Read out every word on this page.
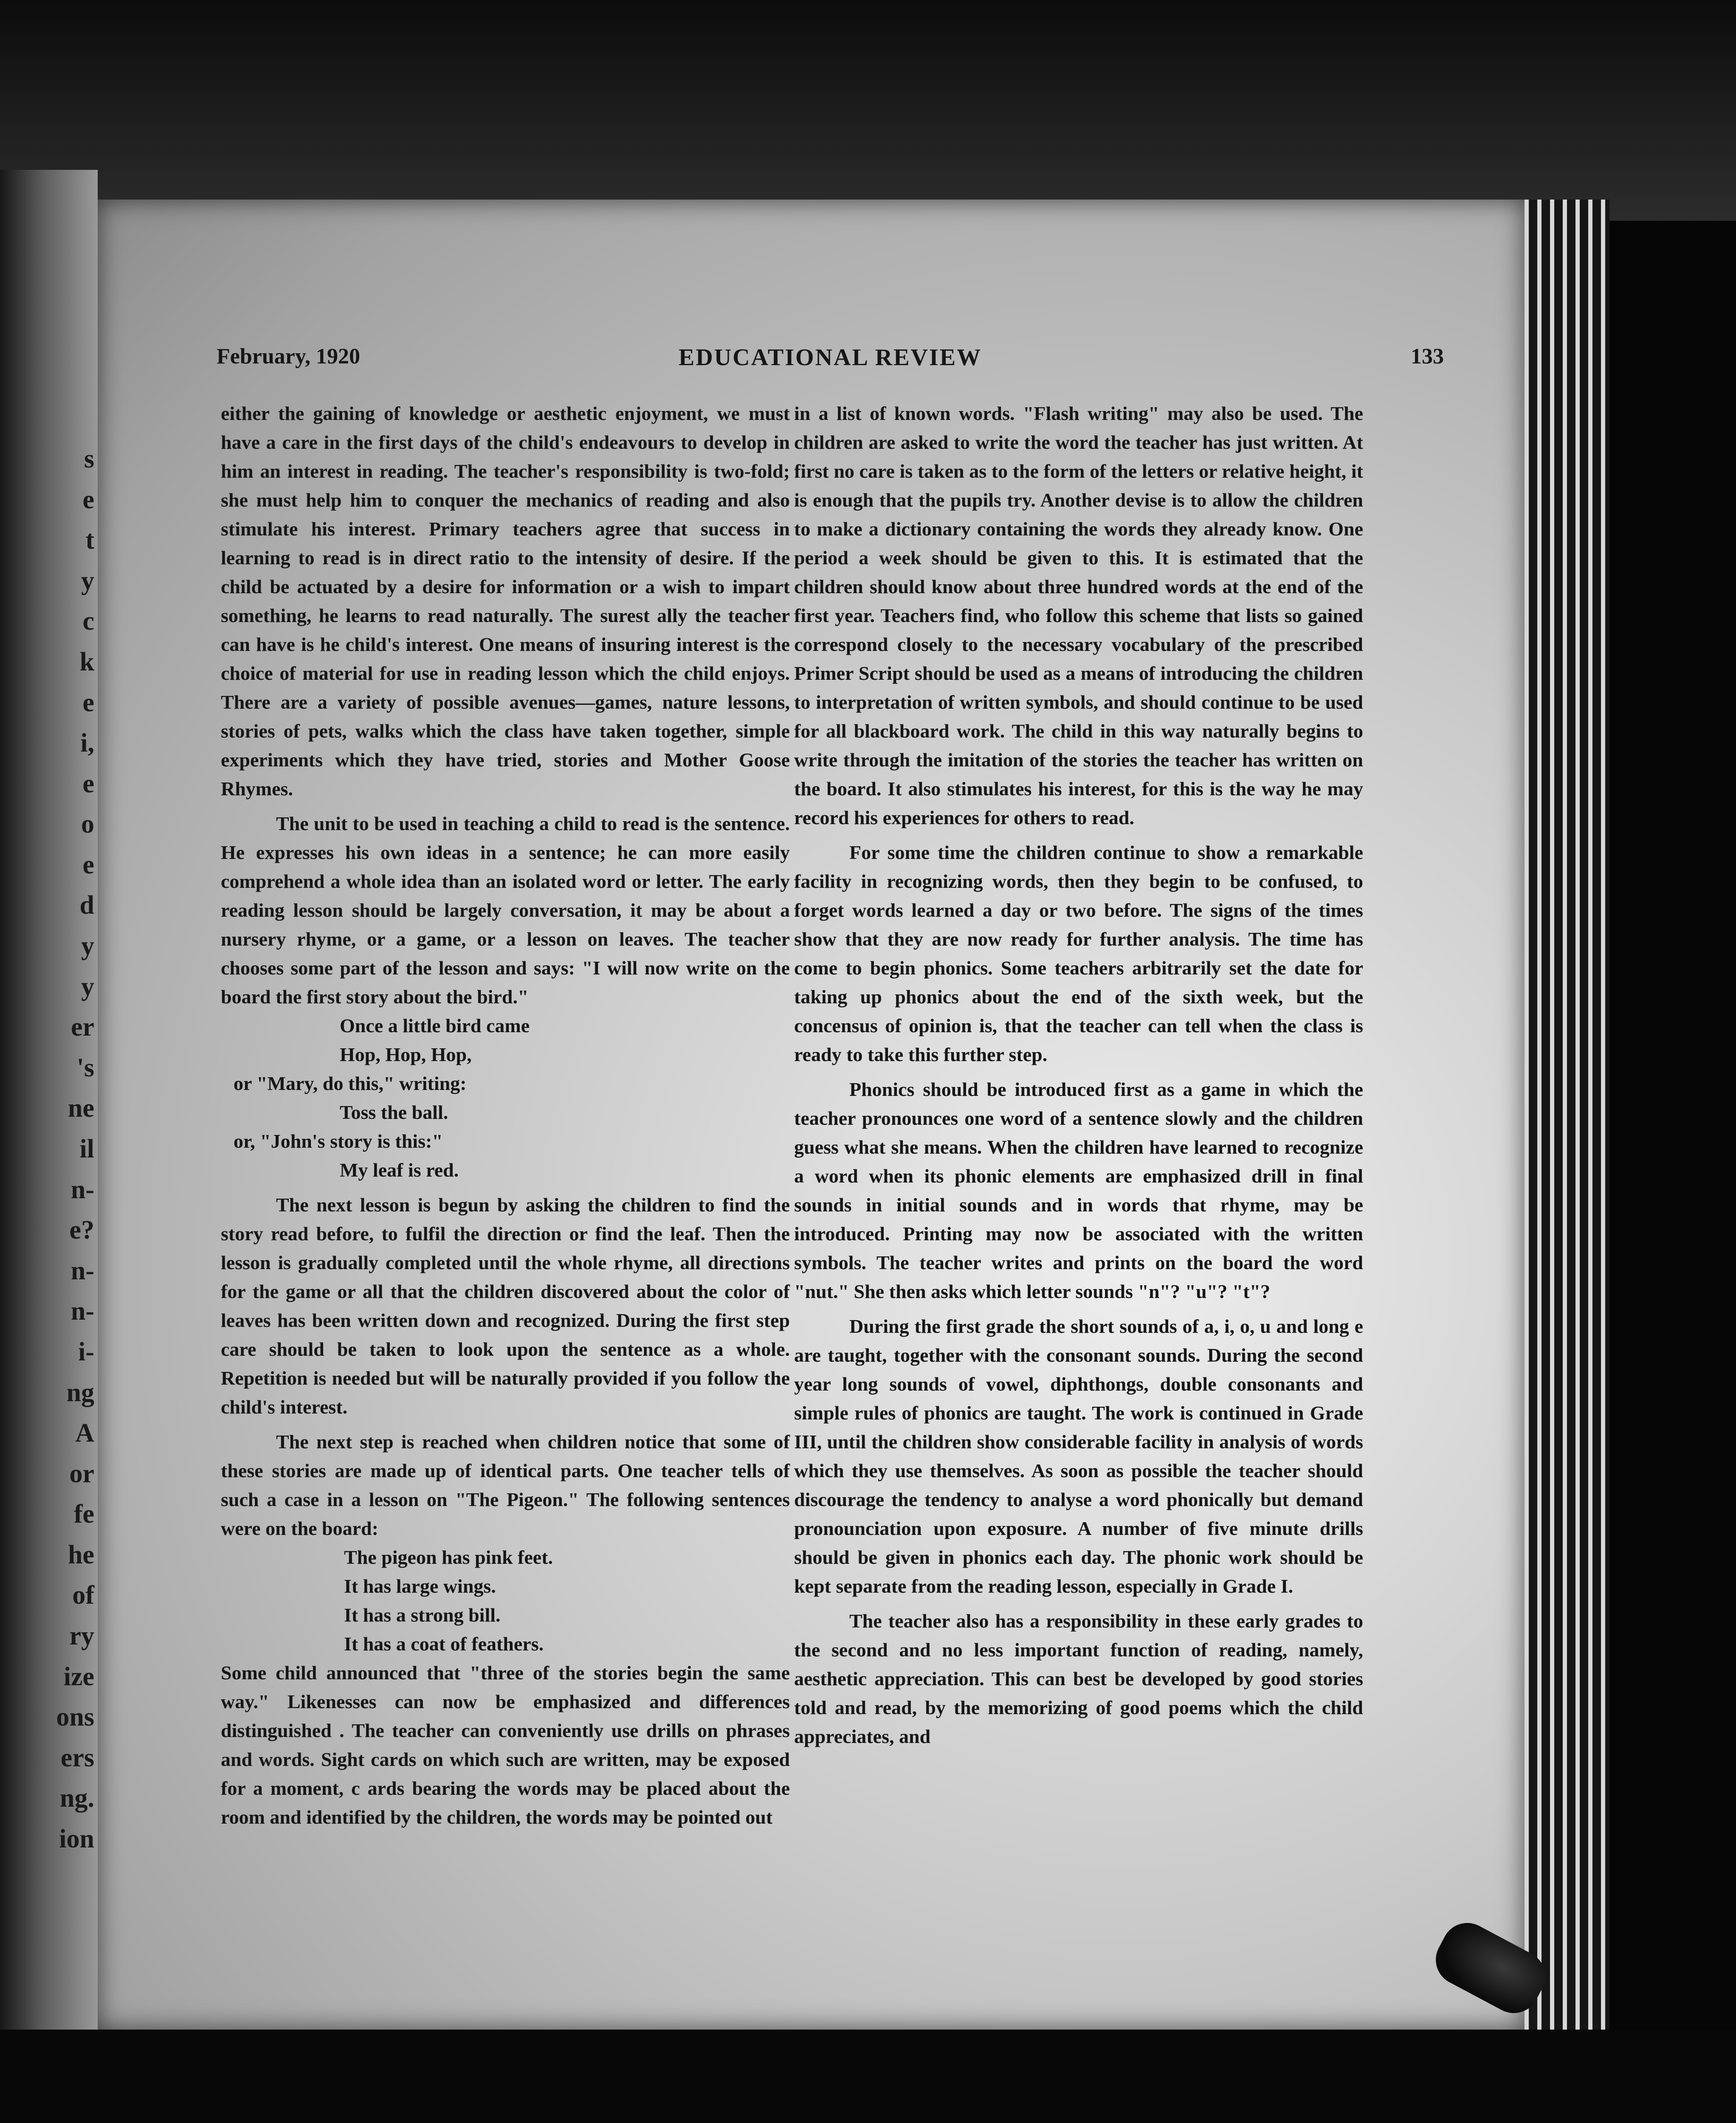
s
e
t
y
c
k
e
i,
e
o
e
d
y
y
er
's
ne
il
n-
e?
n-
n-
i-
ng
A
or
fe
he
of
ry
ize
ons
ers
ng.
ion
February, 1920	EDUCATIONAL REVIEW	133

either the gaining of knowledge or aesthetic enjoyment, we must have a care in the first days of the child's endeavours to develop in him an interest in reading. The teacher's responsibility is two-fold; she must help him to conquer the mechanics of reading and also stimulate his interest. Primary teachers agree that success in learning to read is in direct ratio to the intensity of desire. If the child be actuated by a desire for information or a wish to impart something, he learns to read naturally. The surest ally the teacher can have is he child's interest. One means of insuring interest is the choice of material for use in reading lesson which the child enjoys. There are a variety of possible avenues—games, nature lessons, stories of pets, walks which the class have taken together, simple experiments which they have tried, stories and Mother Goose Rhymes.

The unit to be used in teaching a child to read is the sentence. He expresses his own ideas in a sentence; he can more easily comprehend a whole idea than an isolated word or letter. The early reading lesson should be largely conversation, it may be about a nursery rhyme, or a game, or a lesson on leaves. The teacher chooses some part of the lesson and says: "I will now write on the board the first story about the bird."

Once a little bird came
Hop, Hop, Hop,
or "Mary, do this," writing:
Toss the ball.
or, "John's story is this:"
My leaf is red.

The next lesson is begun by asking the children to find the story read before, to fulfil the direction or find the leaf. Then the lesson is gradually completed until the whole rhyme, all directions for the game or all that the children discovered about the color of leaves has been written down and recognized. During the first step care should be taken to look upon the sentence as a whole. Repetition is needed but will be naturally provided if you follow the child's interest.

The next step is reached when children notice that some of these stories are made up of identical parts. One teacher tells of such a case in a lesson on "The Pigeon." The following sentences were on the board:

The pigeon has pink feet.
It has large wings.
It has a strong bill.
It has a coat of feathers.

Some child announced that "three of the stories begin the same way." Likenesses can now be emphasized and differences distinguished . The teacher can conveniently use drills on phrases and words. Sight cards on which such are written, may be exposed for a moment, c ards bearing the words may be placed about the room and identified by the children, the words may be pointed out

in a list of known words. "Flash writing" may also be used. The children are asked to write the word the teacher has just written. At first no care is taken as to the form of the letters or relative height, it is enough that the pupils try. Another devise is to allow the children to make a dictionary containing the words they already know. One period a week should be given to this. It is estimated that the children should know about three hundred words at the end of the first year. Teachers find, who follow this scheme that lists so gained correspond closely to the necessary vocabulary of the prescribed Primer Script should be used as a means of introducing the children to interpretation of written symbols, and should continue to be used for all blackboard work. The child in this way naturally begins to write through the imitation of the stories the teacher has written on the board. It also stimulates his interest, for this is the way he may record his experiences for others to read.

For some time the children continue to show a remarkable facility in recognizing words, then they begin to be confused, to forget words learned a day or two before. The signs of the times show that they are now ready for further analysis. The time has come to begin phonics. Some teachers arbitrarily set the date for taking up phonics about the end of the sixth week, but the concensus of opinion is, that the teacher can tell when the class is ready to take this further step.

Phonics should be introduced first as a game in which the teacher pronounces one word of a sentence slowly and the children guess what she means. When the children have learned to recognize a word when its phonic elements are emphasized drill in final sounds in initial sounds and in words that rhyme, may be introduced. Printing may now be associated with the written symbols. The teacher writes and prints on the board the word "nut." She then asks which letter sounds "n"? "u"? "t"?

During the first grade the short sounds of a, i, o, u and long e are taught, together with the consonant sounds. During the second year long sounds of vowel, diphthongs, double consonants and simple rules of phonics are taught. The work is continued in Grade III, until the children show considerable facility in analysis of words which they use themselves. As soon as possible the teacher should discourage the tendency to analyse a word phonically but demand pronounciation upon exposure. A number of five minute drills should be given in phonics each day. The phonic work should be kept separate from the reading lesson, especially in Grade I.

The teacher also has a responsibility in these early grades to the second and no less important function of reading, namely, aesthetic appreciation. This can best be developed by good stories told and read, by the memorizing of good poems which the child appreciates, and
